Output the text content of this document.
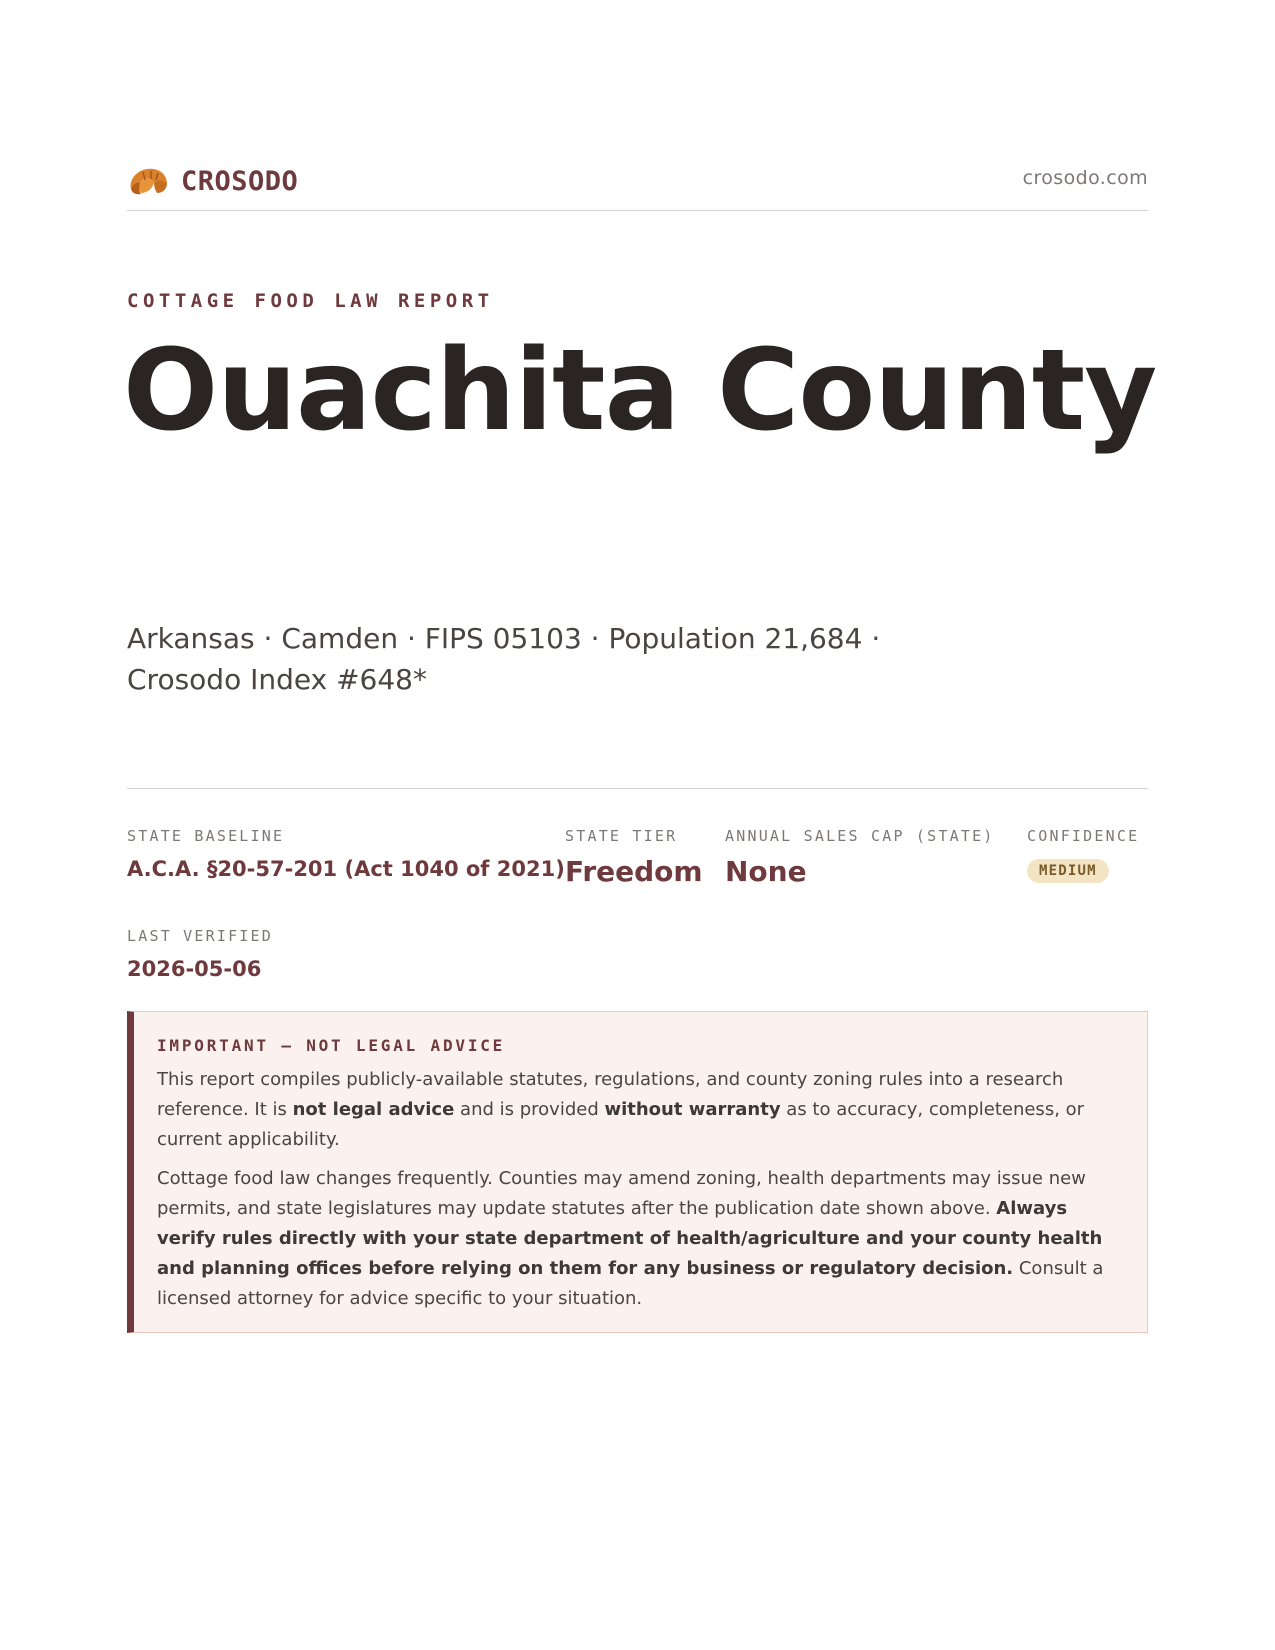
CROSODO	crosodo.com
COTTAGE FOOD LAW REPORT
Ouachita County
Arkansas · Camden · FIPS 05103 · Population 21,684 ·
Crosodo Index #648*
STATE BASELINE
A.C.A. §20-57-201 (Act 1040 of 2021)
STATE TIER
Freedom
ANNUAL SALES CAP (STATE)
None
CONFIDENCE
MEDIUM
LAST VERIFIED
2026-05-06
IMPORTANT — NOT LEGAL ADVICE

This report compiles publicly-available statutes, regulations, and county zoning rules into a research reference. It is not legal advice and is provided without warranty as to accuracy, completeness, or current applicability.

Cottage food law changes frequently. Counties may amend zoning, health departments may issue new permits, and state legislatures may update statutes after the publication date shown above. Always verify rules directly with your state department of health/agriculture and your county health and planning offices before relying on them for any business or regulatory decision. Consult a licensed attorney for advice specific to your situation.
